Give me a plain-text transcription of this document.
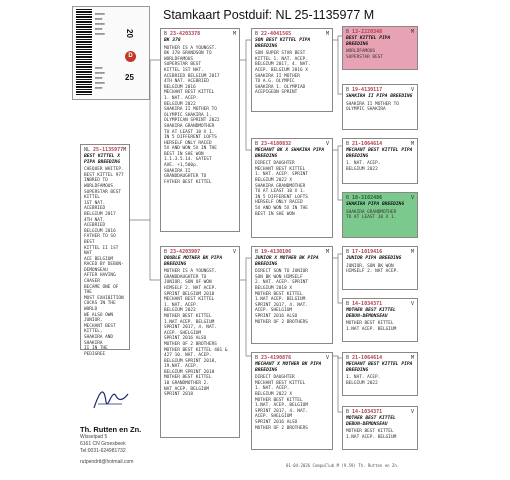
Stamkaart Postduif: NL 25-1135977 M
▬▬▬▬
▬▬▬
▬▬▬▬
▬▬▬
▬▬▬▬
▬▬▬
▬▬▬▬
▬▬▬
▬▬▬▬
▬▬▬
20
25
D
NL 25-1135977 M
BEST KITTEL X PIPA BREEDING
CHEQUER WHITEP.
BEST KITTEL 977
INBRED TO
WORLDFAMOUS
SUPERSTAR BEST
KITTEL
1ST NAT. ACEBRIED
BELGIUM 2017
4TH NAT. ACEBRIED
BELGIUM 2016
FATHER TO SO BEST
KITTEL II 1ST NAT
ACE BELGIUM
RACED BY DEBUN-
DEMONSEAU
AFTER HAVING CHASER
BECAME ONE OF THE
MOST EXHIBITION
COCKS IN THE WORLD
WE ALSO OWN JUNIOR,
MECHANT BEST KITTEL,
SHAKIRA AND SHAKIRA
II IN THE PEDIGREE
B 23-4203378	M
BK 378
MOTHER IS A YOUNGST.
BK 378 GRANDSON TO
WORLDFAMOUS
SUPERSTAR BEST
KITTEL 1ST NAT.
ACEBRIED BELGIUM 2017
4TH NAT. ACEBRIED
BELGIUM 2016
MECHANT BEST KITTEL
1. NAT. ACEP.
BELGIUM 2022
SHAKIRA II MOTHER TO
OLYMPIC SHAKIRA 1.
OLYMPICAN SPRINT 2022
SHAKIRA GRANDMOTHER
TO AT LEAST 10 X 1.
IN 5 DIFFERENT LOFTS
HERSELF ONLY RACED
5X AND WON 5X IN THE
BEST IN SHE WON
1.1.3.5.14. GATEST
AVE. +1,500p.
SHAKIRA II
GRANDDAUGHTER TO
FATHER BEST KITTEL
B 23-4203907	V
DOUBLE MOTHER BK PIPA BREEDING
MOTHER IS A YOUNGST.
GRANDDAUGHTER TO
JUNIOR, SON OF WON
HIMSELF 2. NAT ACEP.
SPRINT BELGIUM 2018
MECHANT BEST KITTEL
1. NAT. ACEP.
BELGIUM 2022
MOTHER BEST KITTEL
1.NAT ACEP. BELGIUM
SPRINT 2017, 4. NAT.
ACEP. SHELGIUM
SPRINT 2016 ALSO
MOTHER OF 2 BROTHERS
MOTHER BEST KITTEL 401 &
427 10. NAT. ACEP.
BELGIUM SPRINT 2018,
19.NAT. ACEP.
BELGIUM SPRINT 2018
MOTHER BEST KITTEL
10 GRANDMOTHER 2.
NAT ACEP. BELGIUM
SPRINT 2018
B 22-4041565	M
SON BEST KITTEL PIPA BREEDING
SON SUPER STAR BEST
KITTEL 1. NAT. ACEP.
BELGIUM 2017, 4. NAT.
ACEP. BELGIUM 2016 X
SHAKIRA II MOTHER
TO A.G. OLYMPIC
SHAKIRA 1. OLYMPIAD
ACEPIGEON SPRINT
B 23-4180832	V
MECHANT BK X SHAKIRA PIPA BREEDING
DIRECT DAUGHTER
MECHANT BEST KITTEL
1. NAT. ACEP. SPRINT
BELGIUM 2022 X
SHAKIRA GRANDMOTHER
TO AT LEAST 10 X 1.
IN 5 DIFFERENT LOFTS
HERSELF ONLY RACED
5X AND WON 5X IN THE
BEST IN SHE WON
B 19-4130106	M
JUNIOR X MOTHER BK PIPA BREEDING
DIRECT SON TO JUNIOR
SON BK WON HIMSELF
2. NAT. ACEP. SPRINT
BELGIUM 2018 X
MOTHER BEST KITTEL
1.NAT ACEP. BELGIUM
SPRINT 2017, 4. NAT.
ACEP. SHELGIUM
SPRINT 2016 ALSO
MOTHER OF 2 BROTHERS
B 23-4190876	V
MECHANT X MOTHER BK PIPA BREEDING
DIRECT DAUGHTER
MECHANT BEST KITTEL
1. NAT. ACEP.
BELGIUM 2022 X
MOTHER BEST KITTEL
1.NAT. ACEP. BELGIUM
SPRINT 2017, 4. NAT.
ACEP. SHELGIUM
SPRINT 2016 ALSO
MOTHER OF 2 BROTHERS
B 13-2220348	M
BEST KITTEL PIPA BREEDING
WORLDFAMOUS
SUPERSTAR BEST
B 19-4130117	V
SHAKIRA II PIPA BREEDING
SHAKIRA II MOTHER TO
OLYMPIC SHAKIRA
B 21-1064614	M
MECHANT BEST KITTEL PIPA BREEDING
1. NAT. ACEP.
BELGIUM 2022
B 18-3102486	V
SHAKIRA PIPA BREEDING
SHAKIRA GRANDMOTHER
TO AT LEAST 10 X 1.
B 17-1019416	M
JUNIOR PIPA BREEDING
JUNIOR, SON BK WON
HIMSELF 2. NAT ACEP.
B 14-1034371	V
MOTHER BEST KITTEL DEBUN-DEMONSEAU
MOTHER BEST KITTEL
1.NAT ACEP. BELGIUM
B 21-1064614	M
MECHANT BEST KITTEL PIPA BREEDING
1. NAT. ACEP.
BELGIUM 2022
B 14-1034371	V
MOTHER BEST KITTEL DEBUN-DEMONSEAU
MOTHER BEST KITTEL
1.NAT ACEP. BELGIUM
Th. Rutten en Zn.
Wisselpad 5
6161 CN Groesbeek
Tel:0031-624981732
rutpendrtt@hotmail.com
01-04-2026 CompuClub M (9.59) Th. Rutten en Zn.
